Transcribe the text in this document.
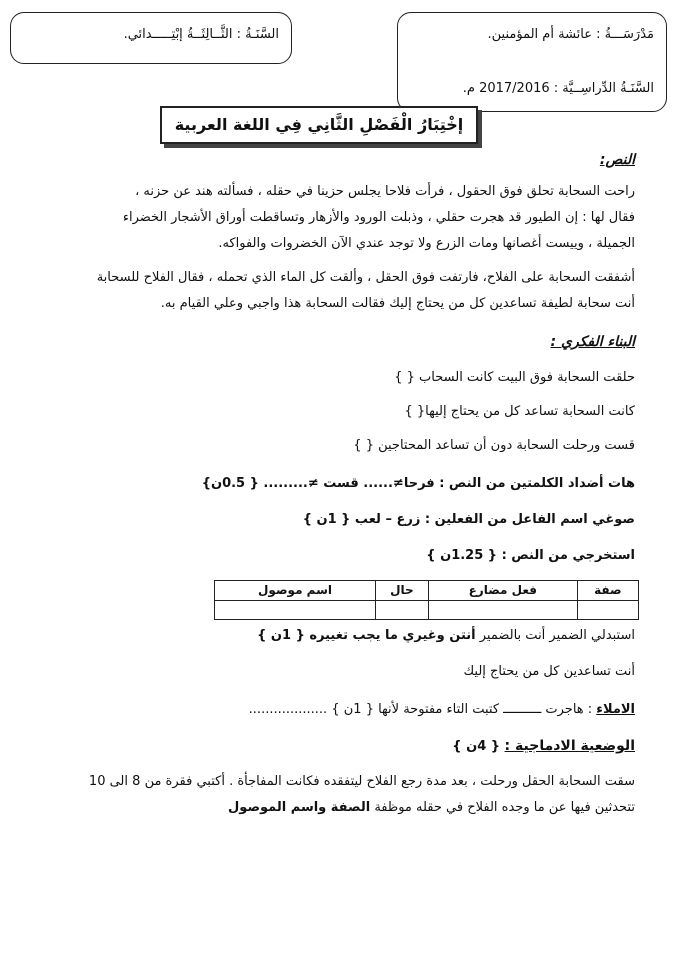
مَدْرَسَـــةُ : عائشة أم المؤمنين.
السَّنَـةُ الدِّراسِــيَّة : 2017/2016 م.
السَّنَـةُ : الثَّــالِثَــةُ إبْتِـــــدائي.
إخْتِبَارُ الْفَصْلِ الثَّانِي فِي اللغة العربية
النص:
راحت السحابة تحلق فوق الحقول ، فرأت فلاحا يجلس حزينا في حقله ، فسألته هند عن حزنه ،
فقال لها : إن الطيور قد هجرت حقلي ، وذبلت الورود والأزهار وتساقطت أوراق الأشجار الخضراء
الجميلة ، وييست أغصانها ومات الزرع ولا توجد عندي الآن الخضروات والفواكه.
أشفقت السحابة على الفلاح، فارتفت فوق الحقل ، وألقت كل الماء الذي تحمله ، فقال الفلاح للسحابة
أنت سحابة لطيفة تساعدين كل من يحتاج إليك فقالت السحابة هذا واجبي وعلي القيام به.
البناء الفكري :
حلقت السحابة فوق البيت كانت السحاب { }
كانت السحابة تساعد كل من يحتاج إليها{ }
قست ورحلت السحابة دون أن تساعد المحتاجين { }
هات أضداد الكلمتين من النص : فرحا≠...... قست ≠......... { 0.5ن}
صوغي اسم الفاعل من الفعلين : زرع – لعب { 1ن }
استخرجي من النص : { 1.25ن }
صفة	فعل مضارع	حال	اسم موصول

استبدلي الضمير أنت بالضمير أنتن وغيري ما يجب تغييره { 1ن }
أنت تساعدين كل من يحتاج إليك
الاملاء : هاجرت ــــــــــ كتبت التاء مفتوحة لأنها { 1ن } ...................
الوضعية الادماجية : { 4ن }
سقت السحابة الحقل ورحلت ، بعد مدة رجع الفلاح ليتفقده فكانت المفاجأة . أكتبي فقرة من 8 الى 10
تتحدثين فيها عن ما وجده الفلاح في حقله موظفة الصفة واسم الموصول
